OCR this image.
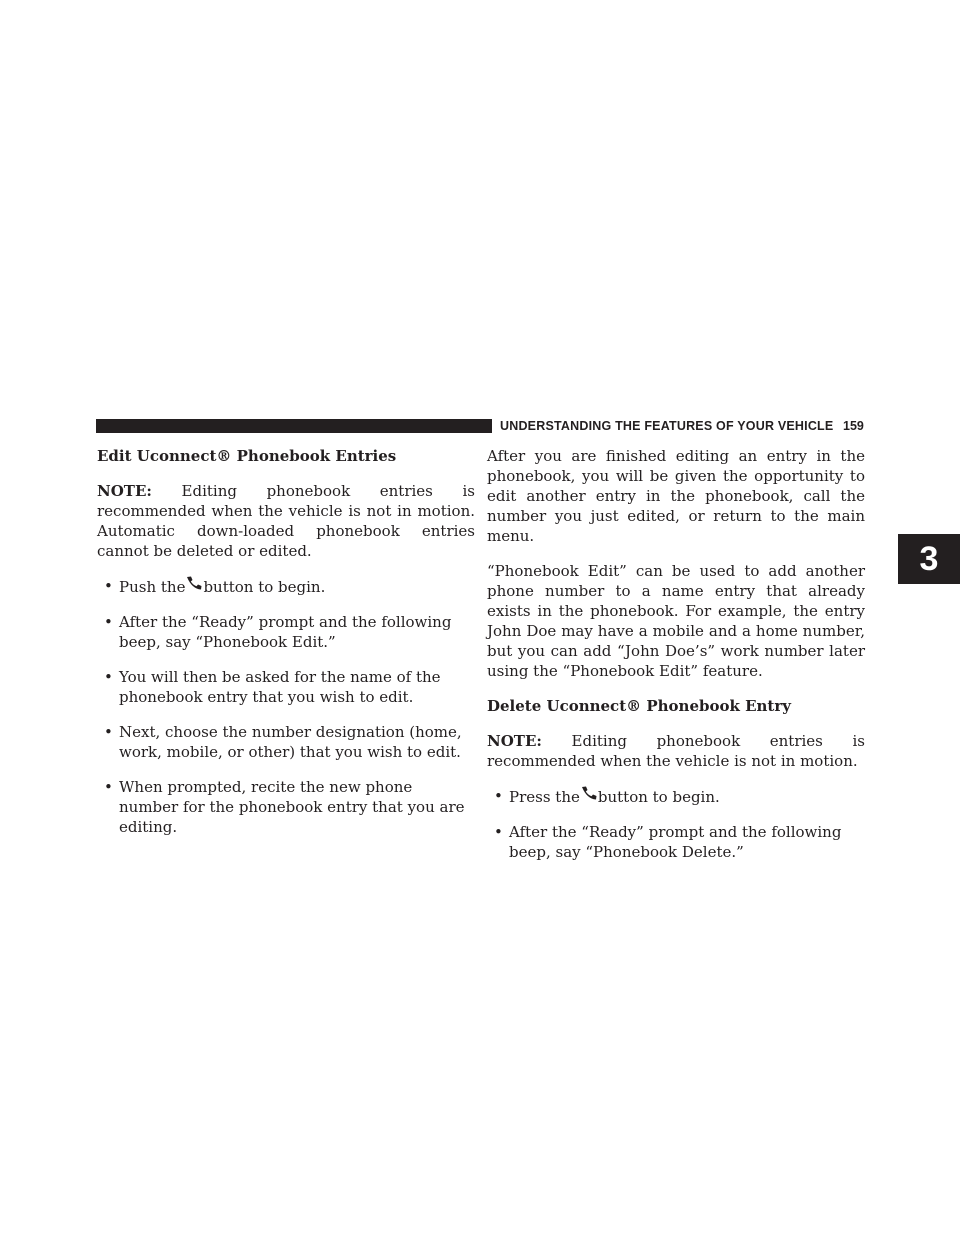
UNDERSTANDING THE FEATURES OF YOUR VEHICLE 159
3
Edit Uconnect® Phonebook Entries

NOTE: Editing phonebook entries is recommended when the vehicle is not in motion. Automatic down-loaded phonebook entries cannot be deleted or edited.

• Push the button to begin.
• After the “Ready” prompt and the following beep, say “Phonebook Edit.”
• You will then be asked for the name of the phonebook entry that you wish to edit.
• Next, choose the number designation (home, work, mobile, or other) that you wish to edit.
• When prompted, recite the new phone number for the phonebook entry that you are editing.

After you are finished editing an entry in the phonebook, you will be given the opportunity to edit another entry in the phonebook, call the number you just edited, or return to the main menu.

“Phonebook Edit” can be used to add another phone number to a name entry that already exists in the phonebook. For example, the entry John Doe may have a mobile and a home number, but you can add “John Doe’s” work number later using the “Phonebook Edit” feature.

Delete Uconnect® Phonebook Entry

NOTE: Editing phonebook entries is recommended when the vehicle is not in motion.

• Press the button to begin.
• After the “Ready” prompt and the following beep, say “Phonebook Delete.”
